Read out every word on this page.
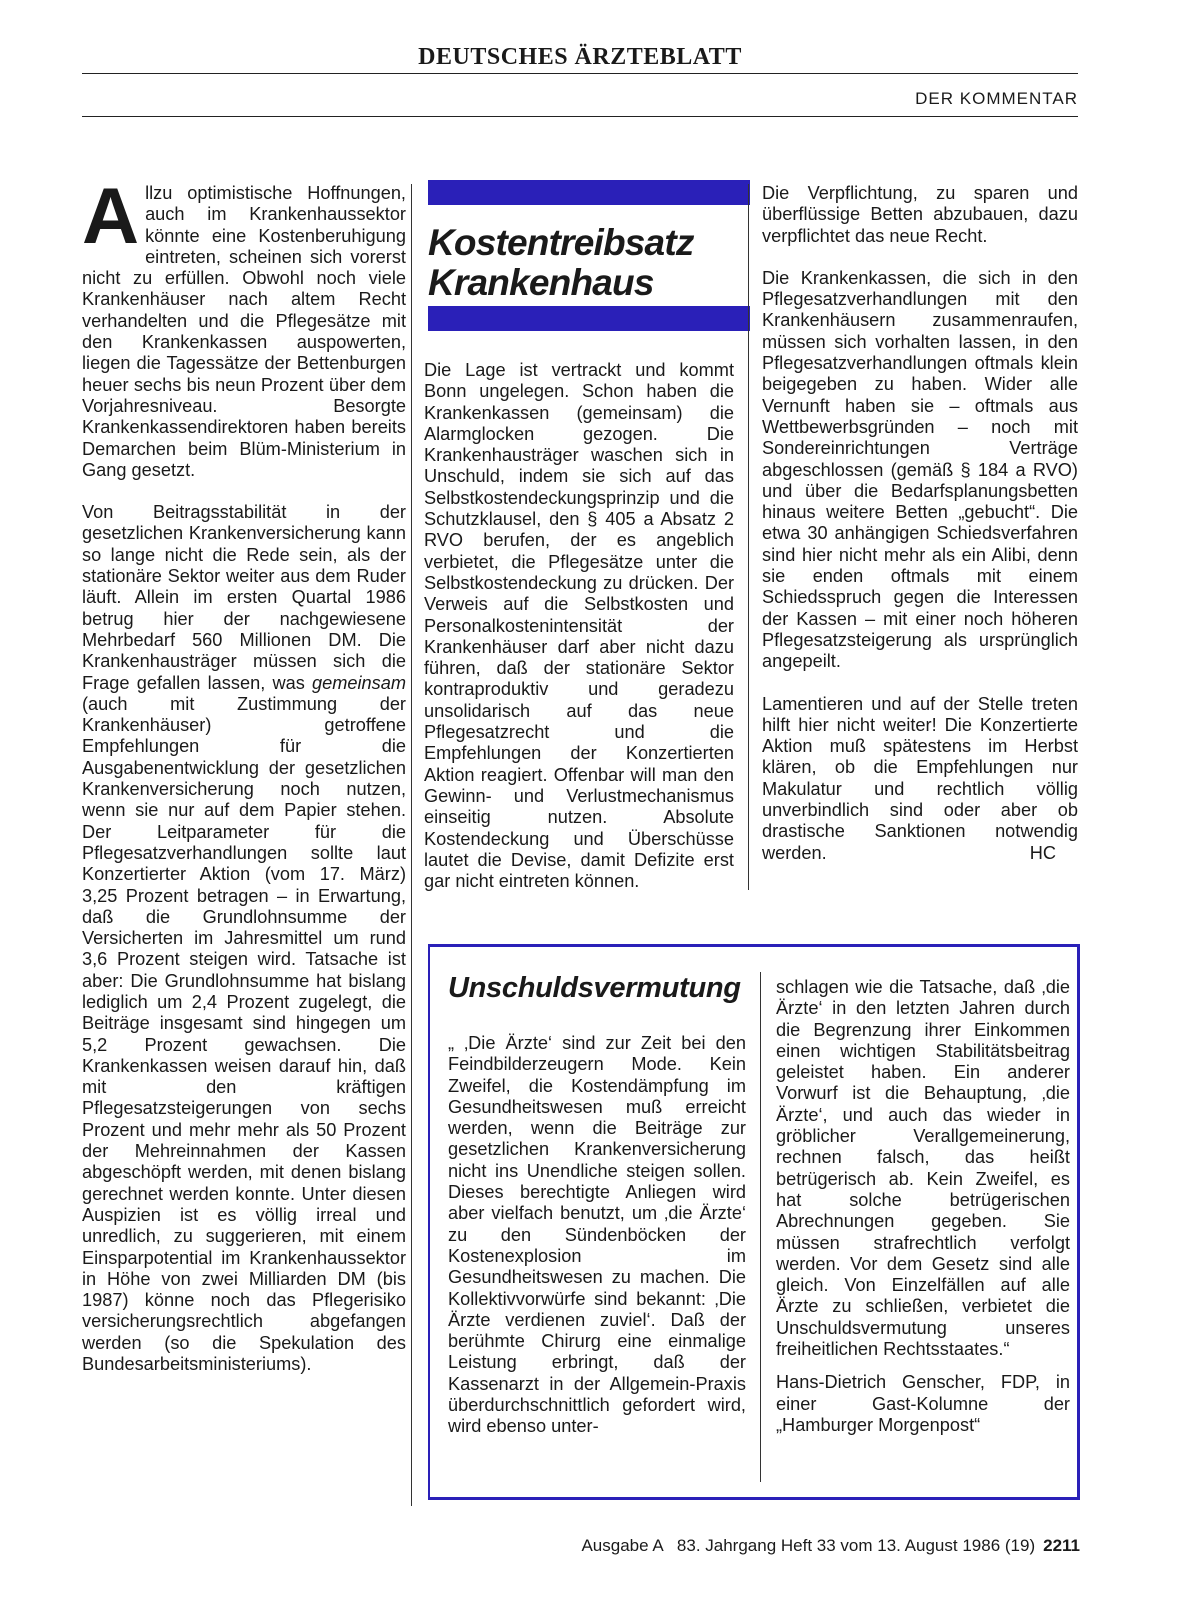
DEUTSCHES ÄRZTEBLATT
DER KOMMENTAR

Allzu optimistische Hoffnungen, auch im Krankenhaussektor könnte eine Kostenberuhigung eintreten, scheinen sich vorerst nicht zu erfüllen. Obwohl noch viele Krankenhäuser nach altem Recht verhandelten und die Pflegesätze mit den Krankenkassen auspowerten, liegen die Tagessätze der Bettenburgen heuer sechs bis neun Prozent über dem Vorjahresniveau. Besorgte Krankenkassendirektoren haben bereits Demarchen beim Blüm-Ministerium in Gang gesetzt.

Von Beitragsstabilität in der gesetzlichen Krankenversicherung kann so lange nicht die Rede sein, als der stationäre Sektor weiter aus dem Ruder läuft. Allein im ersten Quartal 1986 betrug hier der nachgewiesene Mehrbedarf 560 Millionen DM. Die Krankenhausträger müssen sich die Frage gefallen lassen, was gemeinsam (auch mit Zustimmung der Krankenhäuser) getroffene Empfehlungen für die Ausgabenentwicklung der gesetzlichen Krankenversicherung noch nutzen, wenn sie nur auf dem Papier stehen. Der Leitparameter für die Pflegesatzverhandlungen sollte laut Konzertierter Aktion (vom 17. März) 3,25 Prozent betragen – in Erwartung, daß die Grundlohnsumme der Versicherten im Jahresmittel um rund 3,6 Prozent steigen wird. Tatsache ist aber: Die Grundlohnsumme hat bislang lediglich um 2,4 Prozent zugelegt, die Beiträge insgesamt sind hingegen um 5,2 Prozent gewachsen. Die Krankenkassen weisen darauf hin, daß mit den kräftigen Pflegesatzsteigerungen von sechs Prozent und mehr mehr als 50 Prozent der Mehreinnahmen der Kassen abgeschöpft werden, mit denen bislang gerechnet werden konnte. Unter diesen Auspizien ist es völlig irreal und unredlich, zu suggerieren, mit einem Einsparpotential im Krankenhaussektor in Höhe von zwei Milliarden DM (bis 1987) könne noch das Pflegerisiko versicherungsrechtlich abgefangen werden (so die Spekulation des Bundesarbeitsministeriums).

Kostentreibsatz
Krankenhaus

Die Lage ist vertrackt und kommt Bonn ungelegen. Schon haben die Krankenkassen (gemeinsam) die Alarmglocken gezogen. Die Krankenhausträger waschen sich in Unschuld, indem sie sich auf das Selbstkostendeckungsprinzip und die Schutzklausel, den § 405 a Absatz 2 RVO berufen, der es angeblich verbietet, die Pflegesätze unter die Selbstkostendeckung zu drücken. Der Verweis auf die Selbstkosten und Personalkostenintensität der Krankenhäuser darf aber nicht dazu führen, daß der stationäre Sektor kontraproduktiv und geradezu unsolidarisch auf das neue Pflegesatzrecht und die Empfehlungen der Konzertierten Aktion reagiert. Offenbar will man den Gewinn- und Verlustmechanismus einseitig nutzen. Absolute Kostendeckung und Überschüsse lautet die Devise, damit Defizite erst gar nicht eintreten können.

Die Verpflichtung, zu sparen und überflüssige Betten abzubauen, dazu verpflichtet das neue Recht.

Die Krankenkassen, die sich in den Pflegesatzverhandlungen mit den Krankenhäusern zusammenraufen, müssen sich vorhalten lassen, in den Pflegesatzverhandlungen oftmals klein beigegeben zu haben. Wider alle Vernunft haben sie – oftmals aus Wettbewerbsgründen – noch mit Sondereinrichtungen Verträge abgeschlossen (gemäß § 184 a RVO) und über die Bedarfsplanungsbetten hinaus weitere Betten „gebucht“. Die etwa 30 anhängigen Schiedsverfahren sind hier nicht mehr als ein Alibi, denn sie enden oftmals mit einem Schiedsspruch gegen die Interessen der Kassen – mit einer noch höheren Pflegesatzsteigerung als ursprünglich angepeilt.

Lamentieren und auf der Stelle treten hilft hier nicht weiter! Die Konzertierte Aktion muß spätestens im Herbst klären, ob die Empfehlungen nur Makulatur und rechtlich völlig unverbindlich sind oder aber ob drastische Sanktionen notwendig werden.	HC

Unschuldsvermutung

„ ‚Die Ärzte‘ sind zur Zeit bei den Feindbilderzeugern Mode. Kein Zweifel, die Kostendämpfung im Gesundheitswesen muß erreicht werden, wenn die Beiträge zur gesetzlichen Krankenversicherung nicht ins Unendliche steigen sollen. Dieses berechtigte Anliegen wird aber vielfach benutzt, um ‚die Ärzte‘ zu den Sündenböcken der Kostenexplosion im Gesundheitswesen zu machen. Die Kollektivvorwürfe sind bekannt: ‚Die Ärzte verdienen zuviel‘. Daß der berühmte Chirurg eine einmalige Leistung erbringt, daß der Kassenarzt in der Allgemein-Praxis überdurchschnittlich gefordert wird, wird ebenso unter-

schlagen wie die Tatsache, daß ‚die Ärzte‘ in den letzten Jahren durch die Begrenzung ihrer Einkommen einen wichtigen Stabilitätsbeitrag geleistet haben. Ein anderer Vorwurf ist die Behauptung, ‚die Ärzte‘, und auch das wieder in gröblicher Verallgemeinerung, rechnen falsch, das heißt betrügerisch ab. Kein Zweifel, es hat solche betrügerischen Abrechnungen gegeben. Sie müssen strafrechtlich verfolgt werden. Vor dem Gesetz sind alle gleich. Von Einzelfällen auf alle Ärzte zu schließen, verbietet die Unschuldsvermutung unseres freiheitlichen Rechtsstaates.“

Hans-Dietrich Genscher, FDP, in einer Gast-Kolumne der „Hamburger Morgenpost“

Ausgabe A   83. Jahrgang Heft 33 vom 13. August 1986 (19) 2211
